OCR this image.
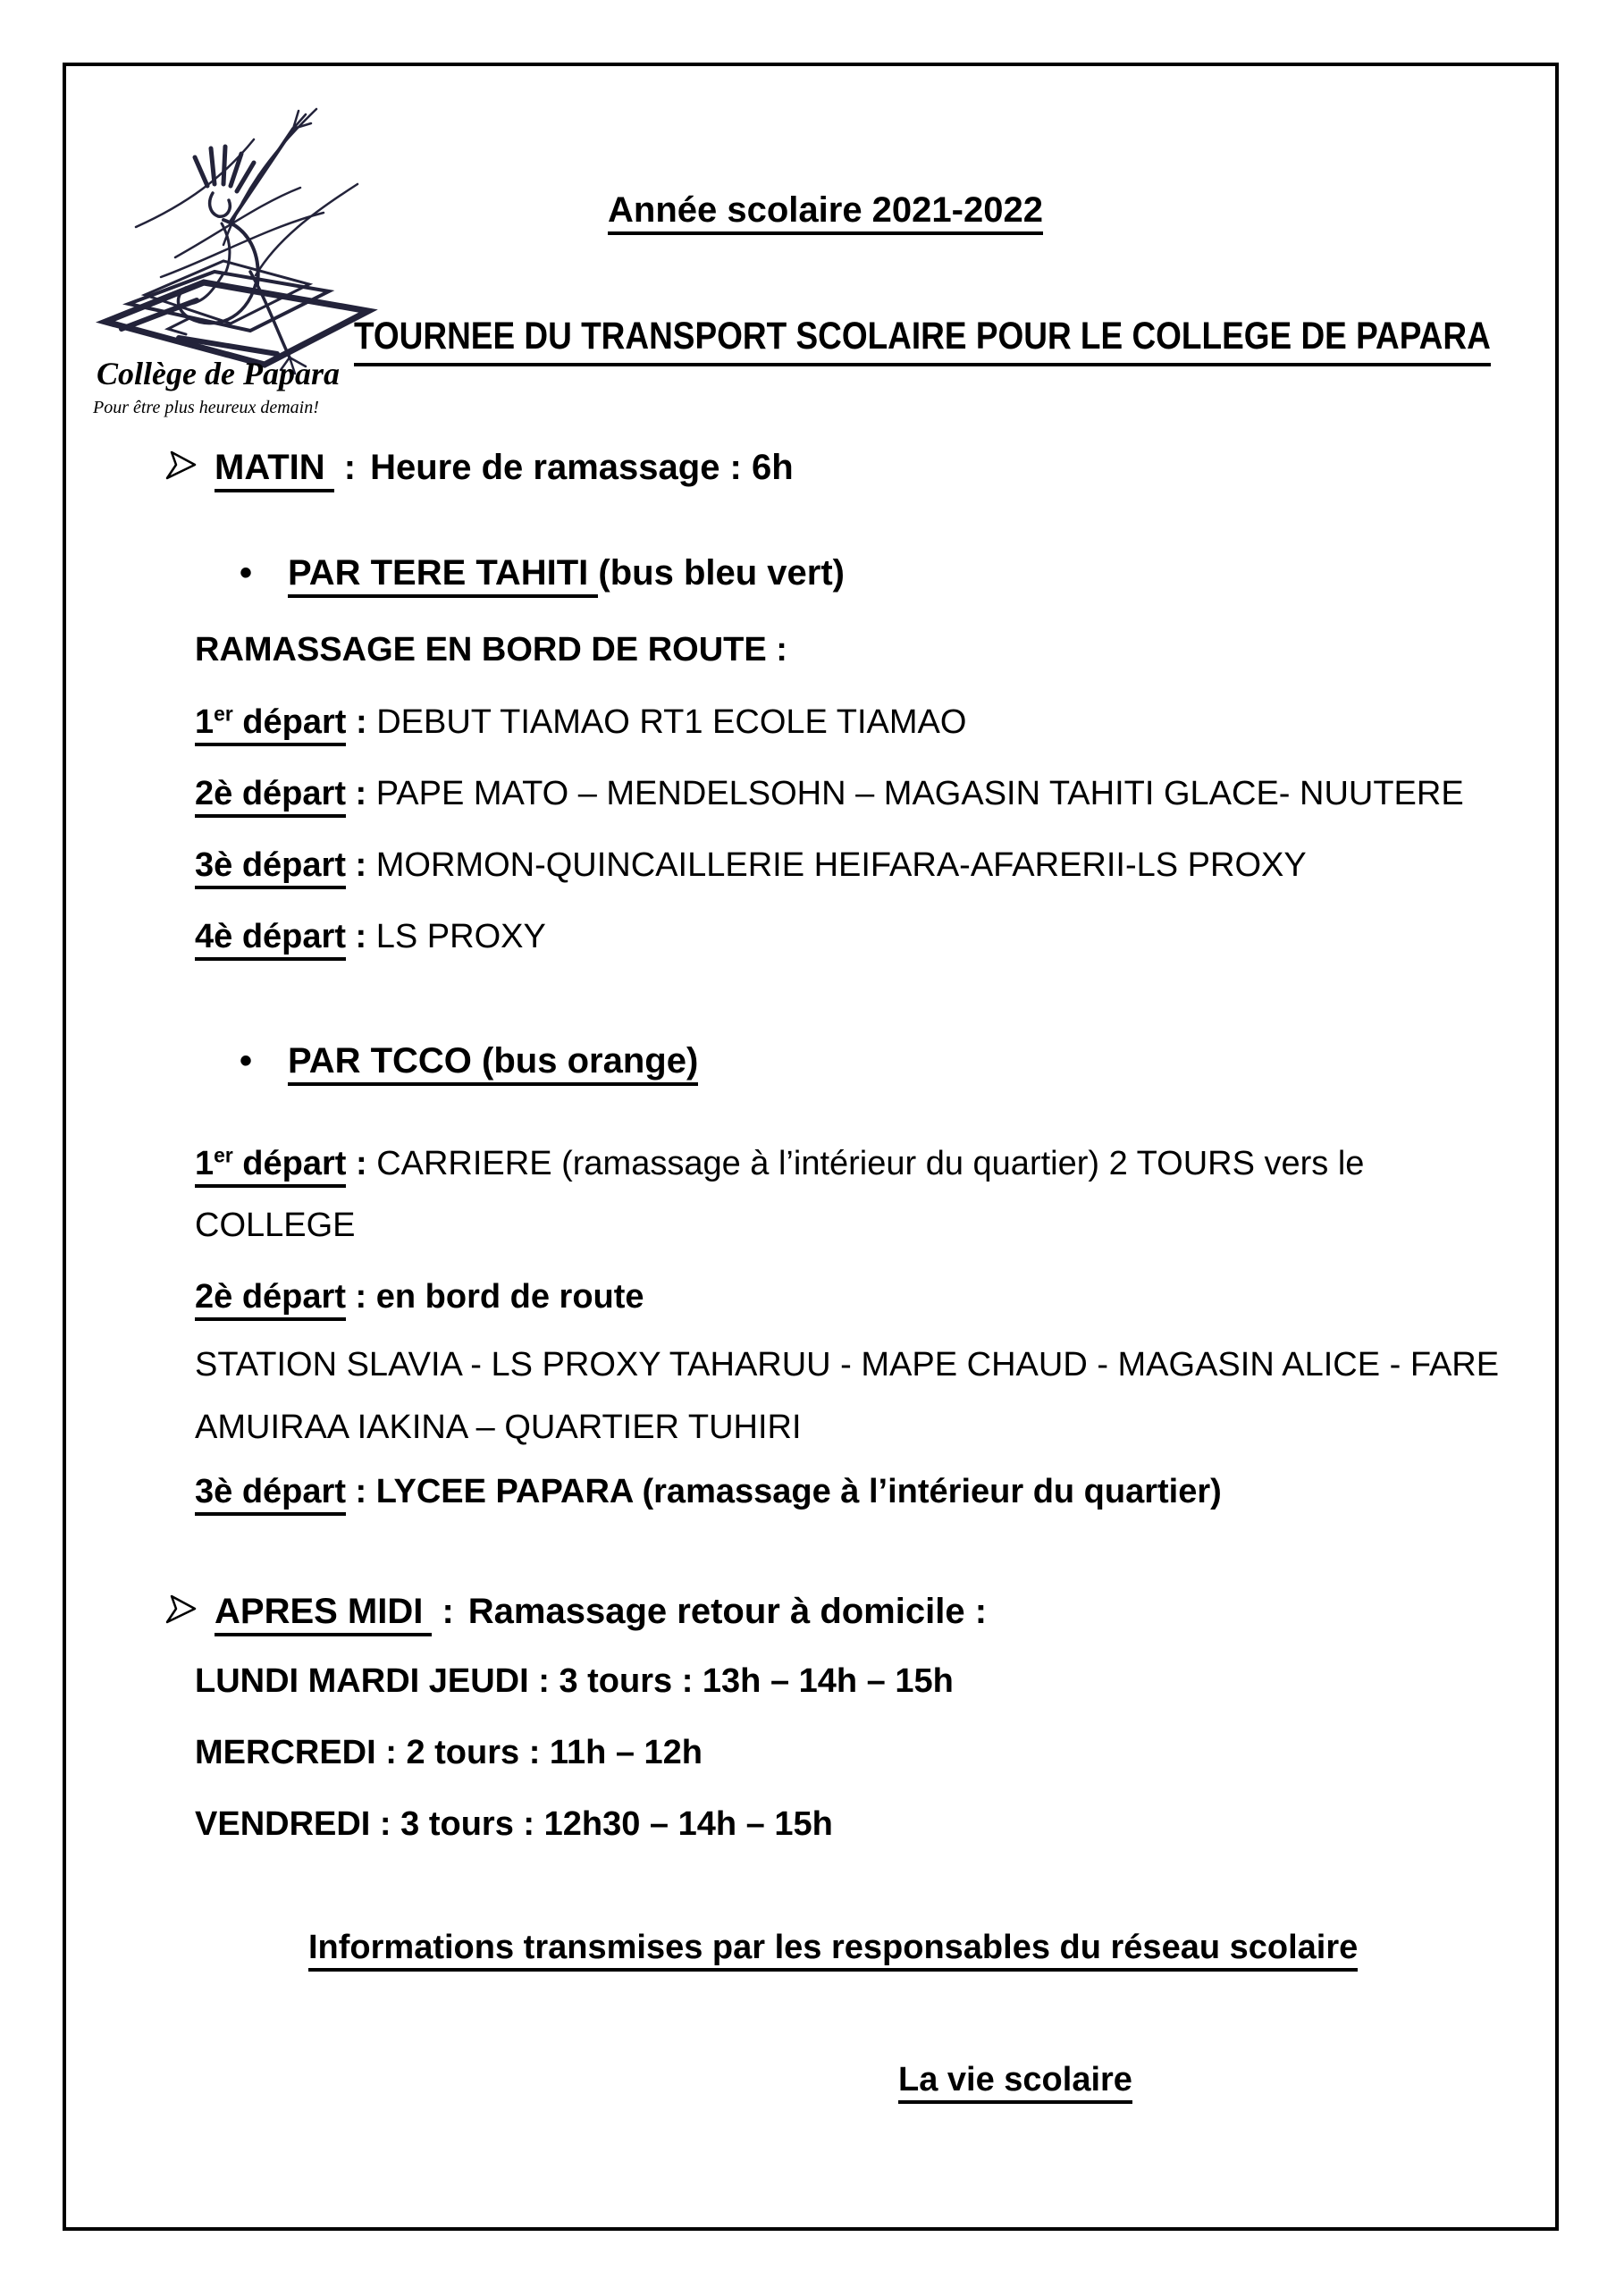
Collège de Papara
Pour être plus heureux demain!
Année scolaire 2021-2022
TOURNEE DU TRANSPORT SCOLAIRE POUR LE COLLEGE DE PAPARA
MATIN : Heure de ramassage : 6h
• PAR TERE TAHITI (bus bleu vert)
RAMASSAGE EN BORD DE ROUTE :
1er départ : DEBUT TIAMAO RT1 ECOLE TIAMAO
2è départ : PAPE MATO – MENDELSOHN – MAGASIN TAHITI GLACE- NUUTERE
3è départ : MORMON-QUINCAILLERIE HEIFARA-AFARERII-LS PROXY
4è départ : LS PROXY
• PAR TCCO (bus orange)
1er départ : CARRIERE (ramassage à l’intérieur du quartier) 2 TOURS vers le COLLEGE
2è départ : en bord de route
STATION SLAVIA - LS PROXY TAHARUU - MAPE CHAUD - MAGASIN ALICE - FARE AMUIRAA IAKINA – QUARTIER TUHIRI
3è départ : LYCEE PAPARA (ramassage à l’intérieur du quartier)
APRES MIDI : Ramassage retour à domicile :
LUNDI MARDI JEUDI : 3 tours : 13h – 14h – 15h
MERCREDI : 2 tours : 11h – 12h
VENDREDI : 3 tours : 12h30 – 14h – 15h
Informations transmises par les responsables du réseau scolaire
La vie scolaire
